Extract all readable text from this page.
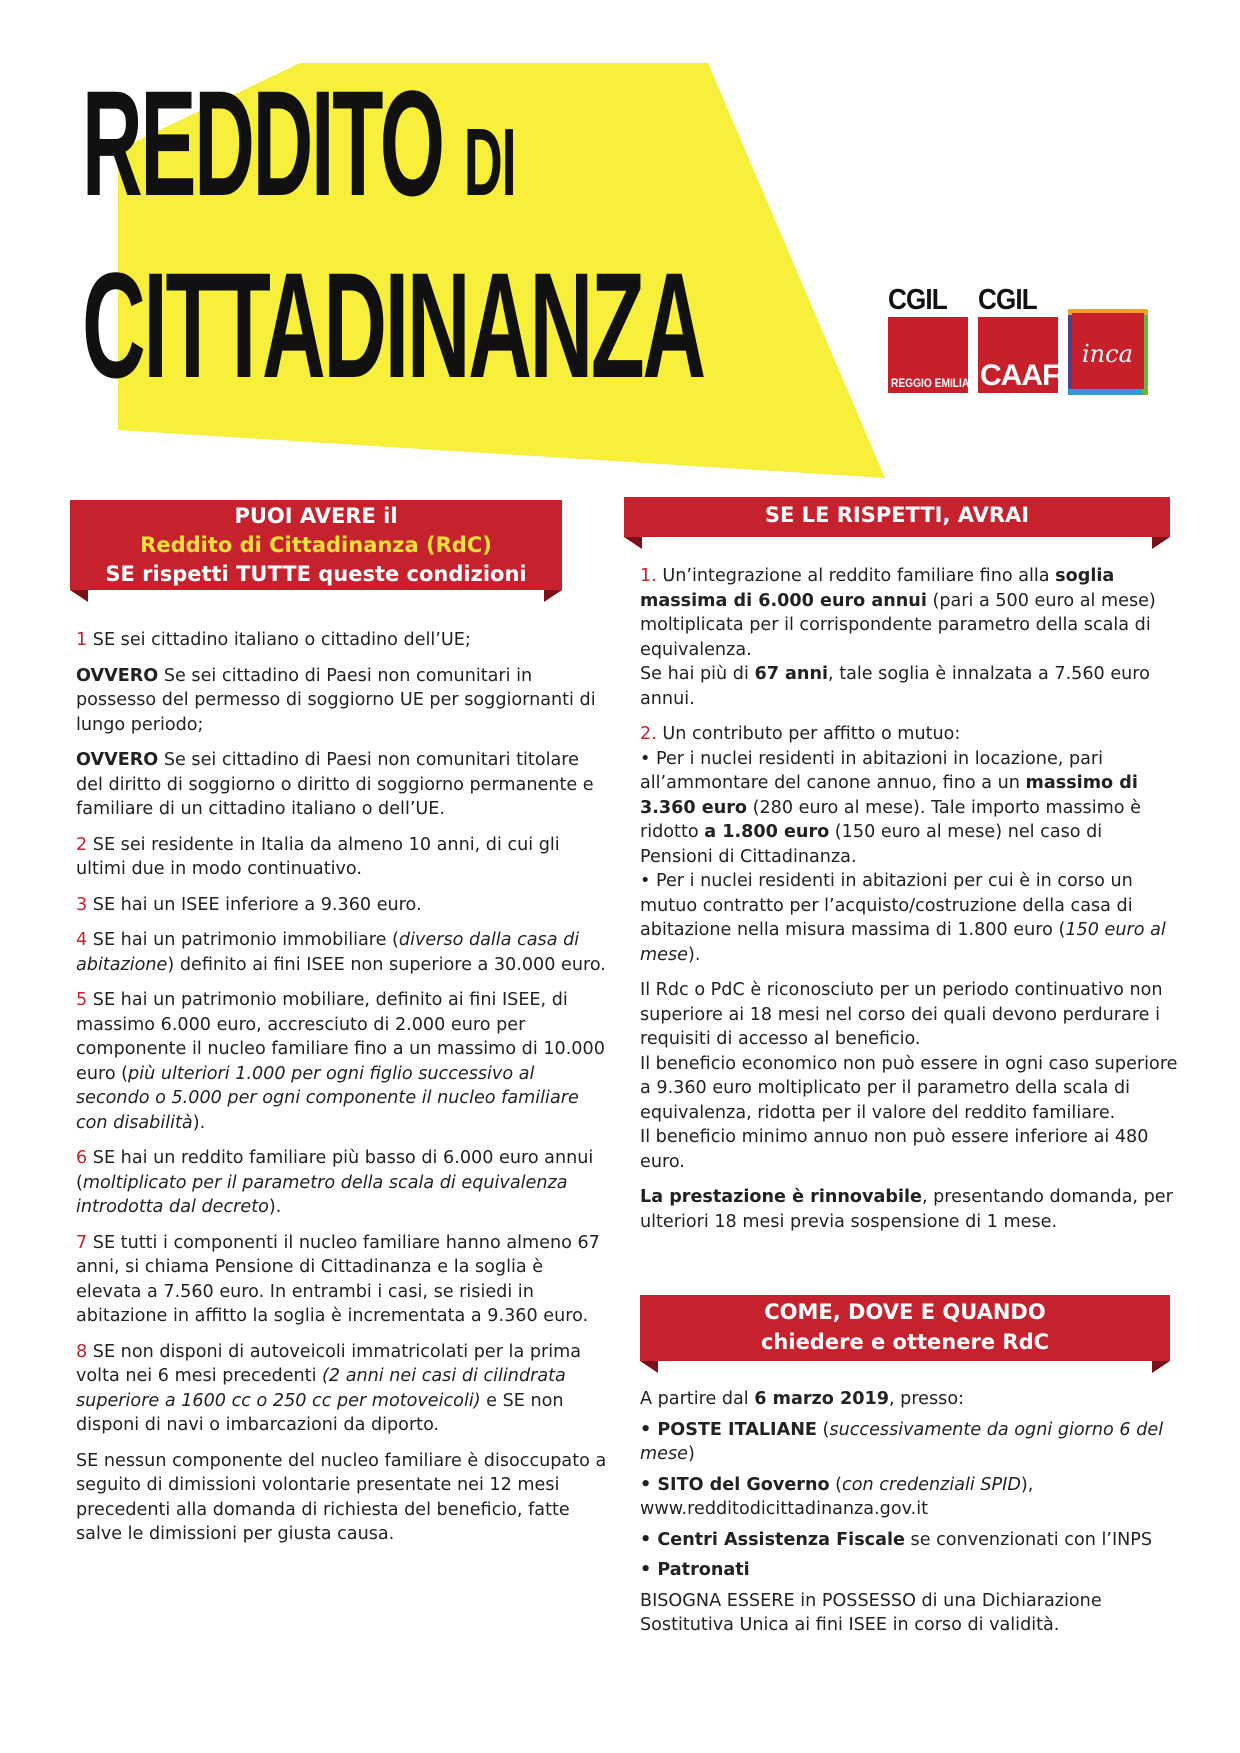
REDDITO DI
CITTADINANZA	CGIL
REGGIO EMILIA
CGIL
CAAF
inca
PUOI AVERE il
Reddito di Cittadinanza (RdC)
SE rispetti TUTTE queste condizioni

1 SE sei cittadino italiano o cittadino dell’UE;

OVVERO Se sei cittadino di Paesi non comunitari in possesso del permesso di soggiorno UE per soggiornanti di lungo periodo;

OVVERO Se sei cittadino di Paesi non comunitari titolare del diritto di soggiorno o diritto di soggiorno permanente e familiare di un cittadino italiano o dell’UE.

2 SE sei residente in Italia da almeno 10 anni, di cui gli ultimi due in modo continuativo.

3 SE hai un ISEE inferiore a 9.360 euro.

4 SE hai un patrimonio immobiliare (diverso dalla casa di abitazione) definito ai fini ISEE non superiore a 30.000 euro.

5 SE hai un patrimonio mobiliare, definito ai fini ISEE, di massimo 6.000 euro, accresciuto di 2.000 euro per componente il nucleo familiare fino a un massimo di 10.000 euro (più ulteriori 1.000 per ogni figlio successivo al secondo o 5.000 per ogni componente il nucleo familiare con disabilità).

6 SE hai un reddito familiare più basso di 6.000 euro annui (moltiplicato per il parametro della scala di equivalenza introdotta dal decreto).

7 SE tutti i componenti il nucleo familiare hanno almeno 67 anni, si chiama Pensione di Cittadinanza e la soglia è elevata a 7.560 euro. In entrambi i casi, se risiedi in abitazione in affitto la soglia è incrementata a 9.360 euro.

8 SE non disponi di autoveicoli immatricolati per la prima volta nei 6 mesi precedenti (2 anni nei casi di cilindrata superiore a 1600 cc o 250 cc per motoveicoli) e SE non disponi di navi o imbarcazioni da diporto.

SE nessun componente del nucleo familiare è disoccupato a seguito di dimissioni volontarie presentate nei 12 mesi precedenti alla domanda di richiesta del beneficio, fatte salve le dimissioni per giusta causa.

SE LE RISPETTI, AVRAI

1. Un’integrazione al reddito familiare fino alla soglia massima di 6.000 euro annui (pari a 500 euro al mese) moltiplicata per il corrispondente parametro della scala di equivalenza.
Se hai più di 67 anni, tale soglia è innalzata a 7.560 euro annui.

2. Un contributo per affitto o mutuo:
• Per i nuclei residenti in abitazioni in locazione, pari all’ammontare del canone annuo, fino a un massimo di 3.360 euro (280 euro al mese). Tale importo massimo è ridotto a 1.800 euro (150 euro al mese) nel caso di Pensioni di Cittadinanza.
• Per i nuclei residenti in abitazioni per cui è in corso un mutuo contratto per l’acquisto/costruzione della casa di abitazione nella misura massima di 1.800 euro (150 euro al mese).

Il Rdc o PdC è riconosciuto per un periodo continuativo non superiore ai 18 mesi nel corso dei quali devono perdurare i requisiti di accesso al beneficio.
Il beneficio economico non può essere in ogni caso superiore a 9.360 euro moltiplicato per il parametro della scala di equivalenza, ridotta per il valore del reddito familiare.
Il beneficio minimo annuo non può essere inferiore ai 480 euro.

La prestazione è rinnovabile, presentando domanda, per ulteriori 18 mesi previa sospensione di 1 mese.

COME, DOVE E QUANDO
chiedere e ottenere RdC

A partire dal 6 marzo 2019, presso:

• POSTE ITALIANE (successivamente da ogni giorno 6 del mese)

• SITO del Governo (con credenziali SPID),
www.redditodicittadinanza.gov.it

• Centri Assistenza Fiscale se convenzionati con l’INPS

• Patronati

BISOGNA ESSERE in POSSESSO di una Dichiarazione Sostitutiva Unica ai fini ISEE in corso di validità.
